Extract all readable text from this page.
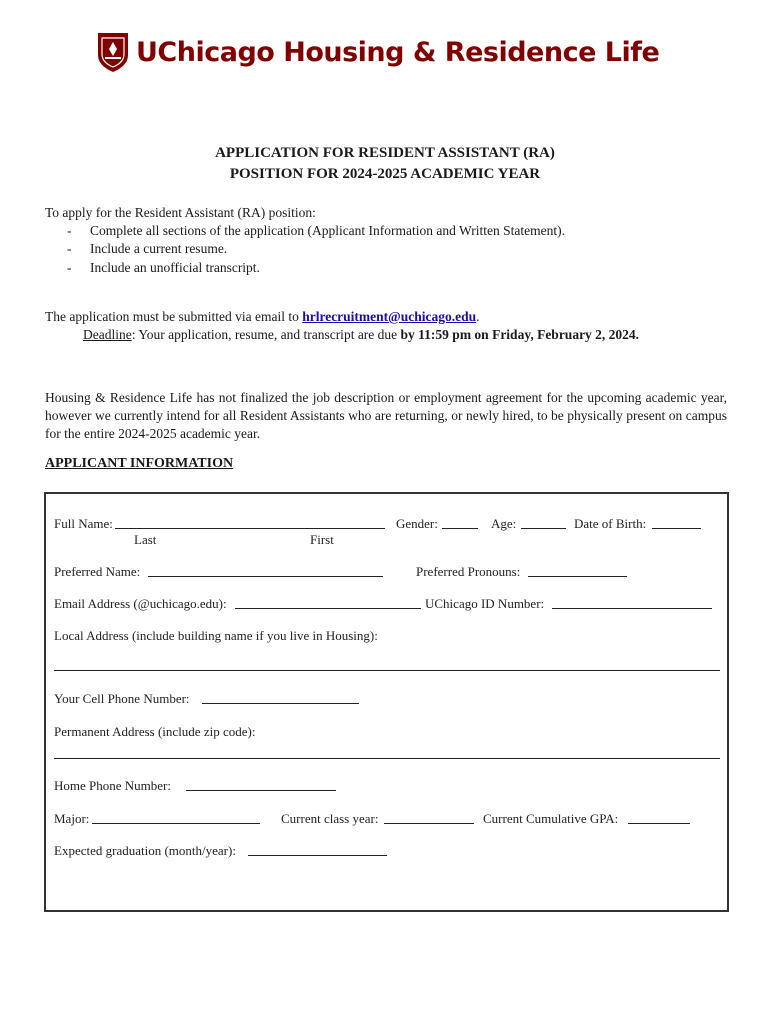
UChicago Housing & Residence Life
APPLICATION FOR RESIDENT ASSISTANT (RA)
POSITION FOR 2024-2025 ACADEMIC YEAR
To apply for the Resident Assistant (RA) position:
- Complete all sections of the application (Applicant Information and Written Statement).
- Include a current resume.
- Include an unofficial transcript.
The application must be submitted via email to hrlrecruitment@uchicago.edu.
Deadline: Your application, resume, and transcript are due by 11:59 pm on Friday, February 2, 2024.
Housing & Residence Life has not finalized the job description or employment agreement for the upcoming academic year, however we currently intend for all Resident Assistants who are returning, or newly hired, to be physically present on campus for the entire 2024-2025 academic year.
APPLICANT INFORMATION
Full Name:	Gender:	Age:	Date of Birth:
Last	First
Preferred Name:	Preferred Pronouns:
Email Address (@uchicago.edu):	UChicago ID Number:
Local Address (include building name if you live in Housing):
Your Cell Phone Number:
Permanent Address (include zip code):
Home Phone Number:
Major:	Current class year:	Current Cumulative GPA:
Expected graduation (month/year):
